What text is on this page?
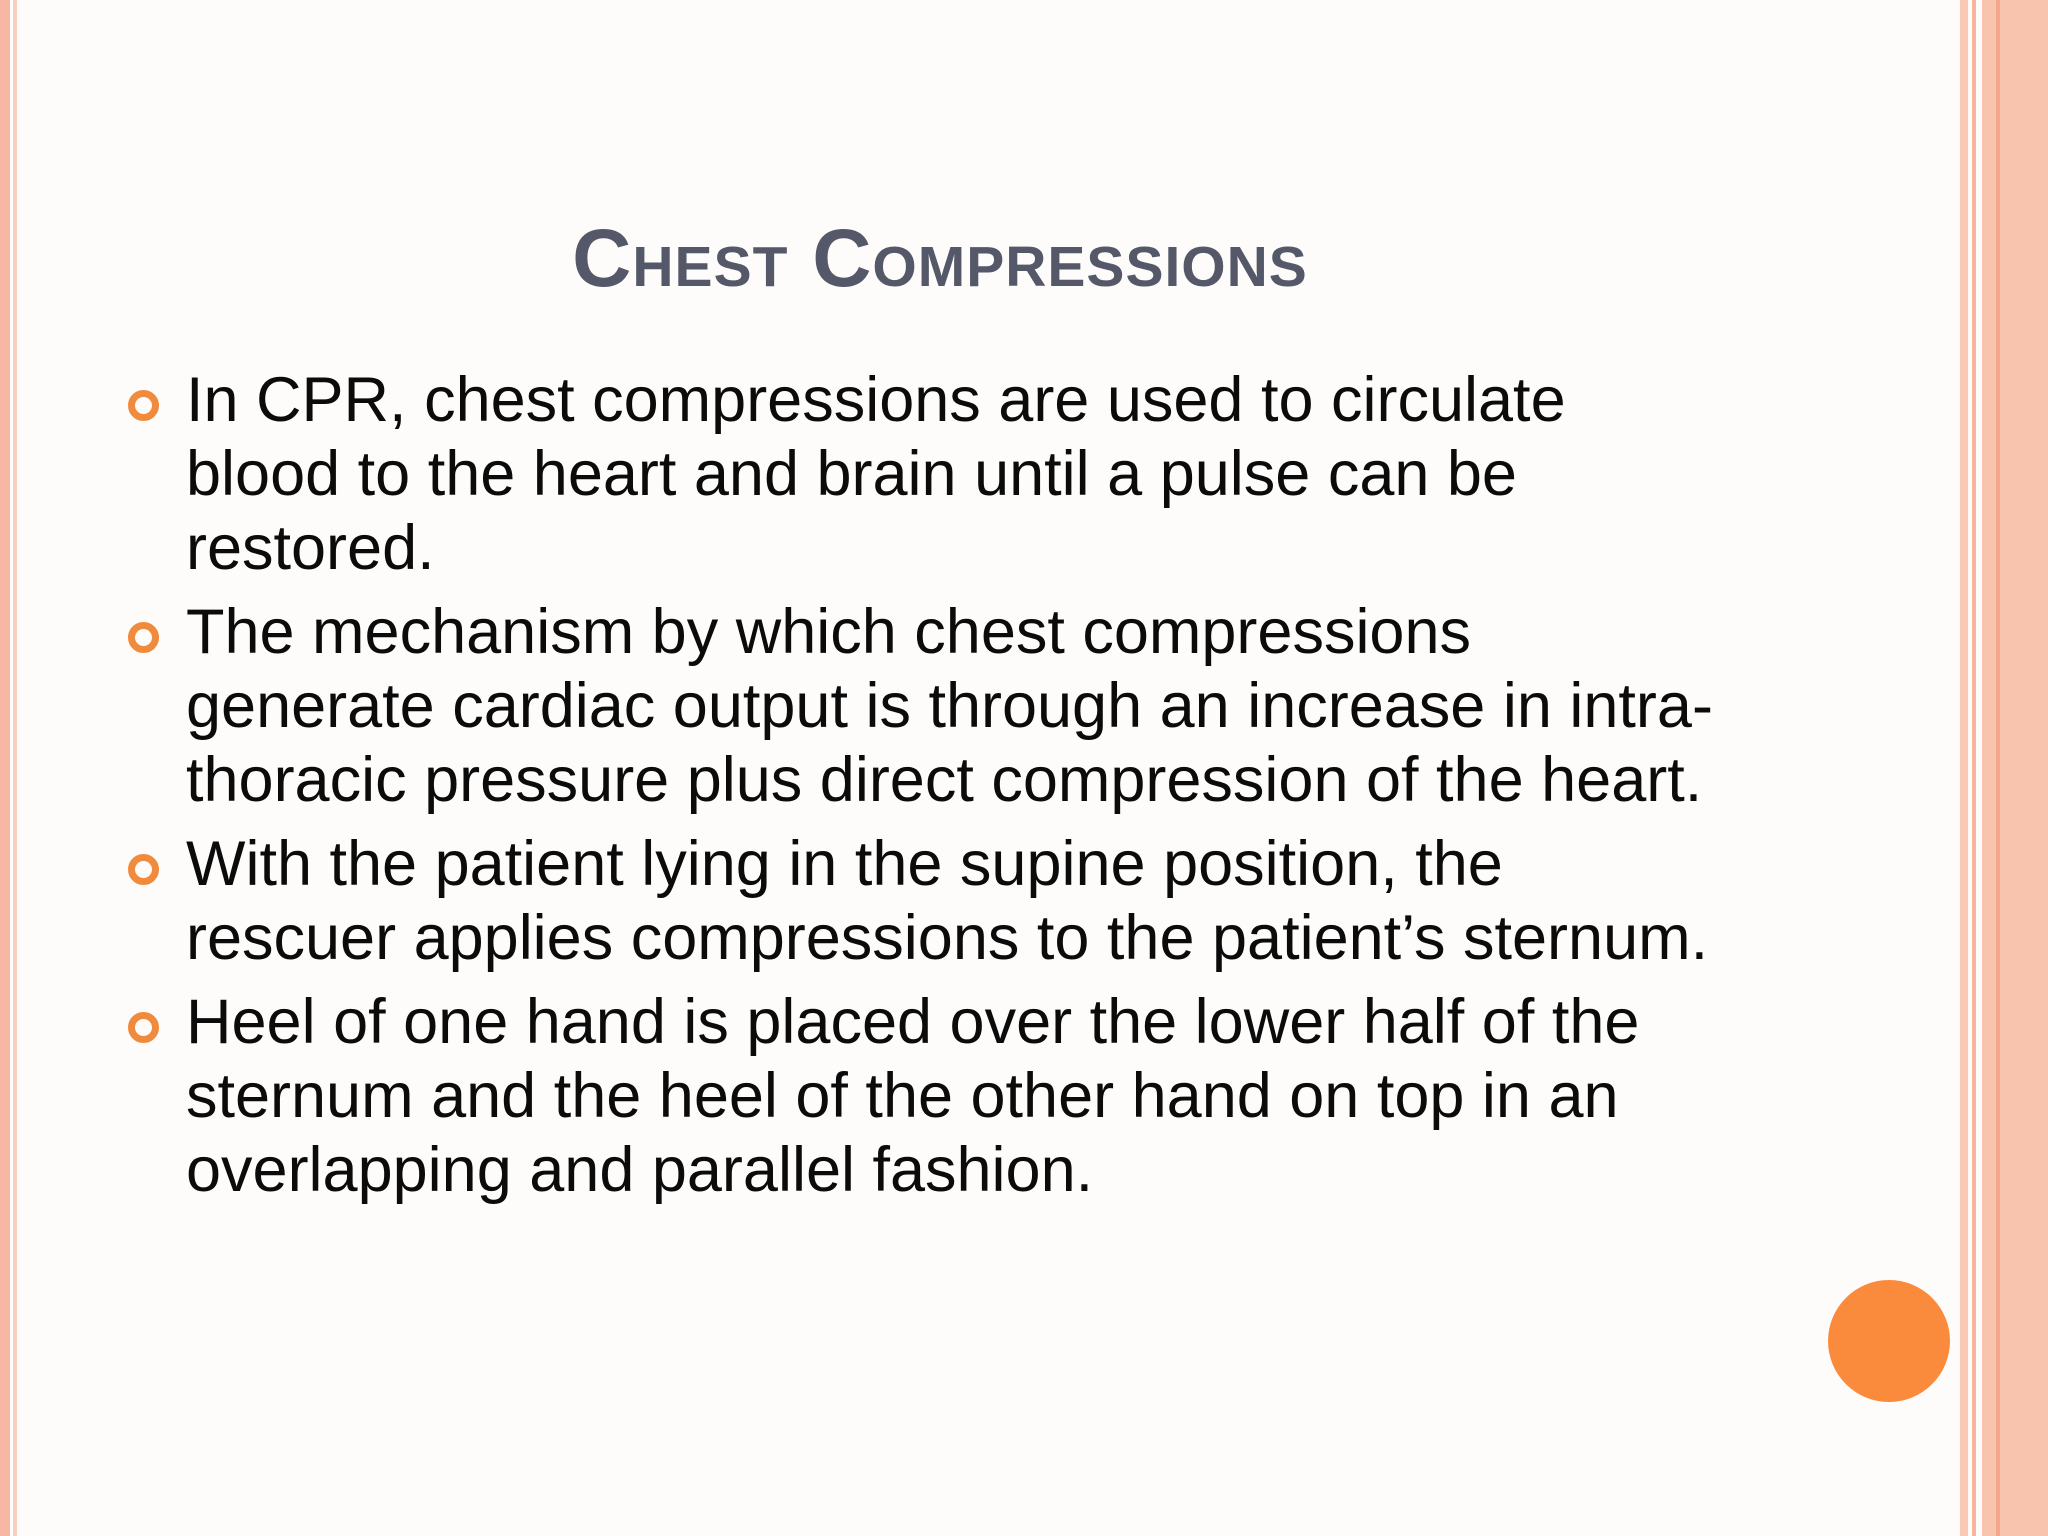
Chest Compressions
In CPR, chest compressions are used to circulate blood to the heart and brain until a pulse can be restored.
The mechanism by which chest compressions generate cardiac output is through an increase in intra-thoracic pressure plus direct compression of the heart.
With the patient lying in the supine position, the rescuer applies compressions to the patient’s sternum.
Heel of one hand is placed over the lower half of the sternum and the heel of the other hand on top in an overlapping and parallel fashion.
